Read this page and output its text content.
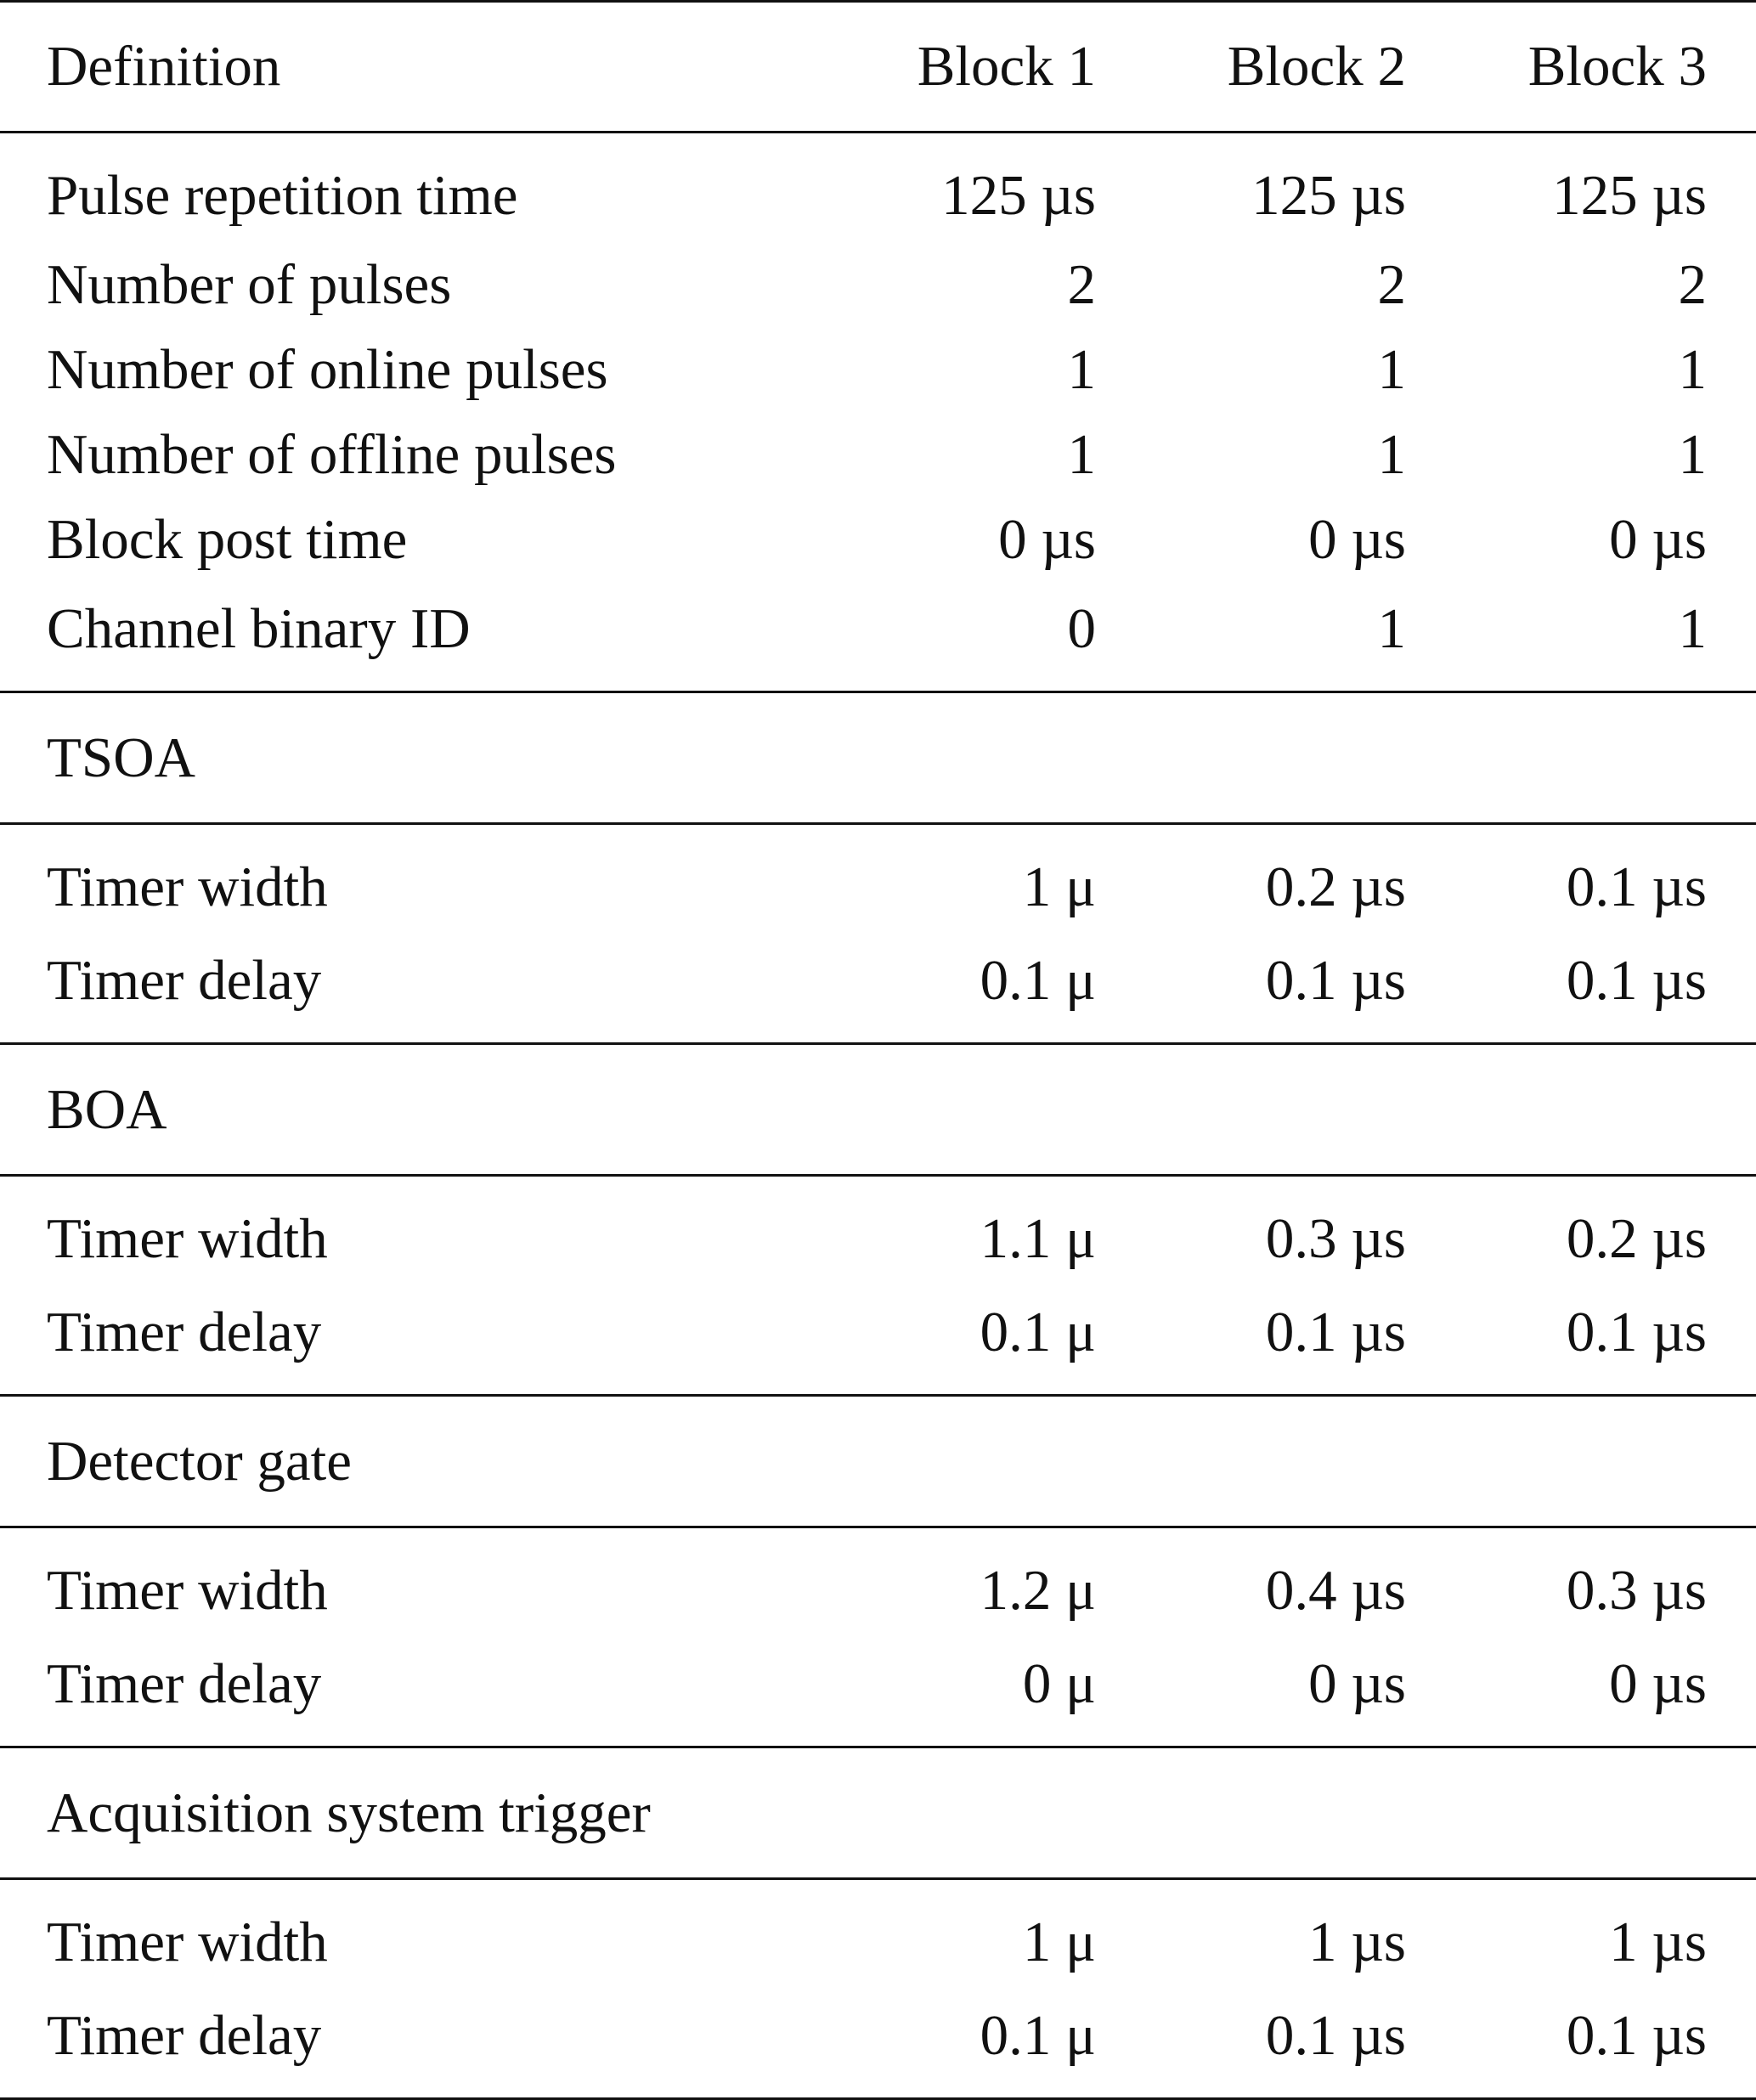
Definition	Block 1	Block 2	Block 3
Pulse repetition time	125 µs	125 µs	125 µs
Number of pulses	2	2	2
Number of online pulses	1	1	1
Number of offline pulses	1	1	1
Block post time	0 µs	0 µs	0 µs
Channel binary ID	0	1	1
TSOA			
Timer width	1 μ	0.2 µs	0.1 µs
Timer delay	0.1 μ	0.1 µs	0.1 µs
BOA			
Timer width	1.1 μ	0.3 µs	0.2 µs
Timer delay	0.1 μ	0.1 µs	0.1 µs
Detector gate			
Timer width	1.2 μ	0.4 µs	0.3 µs
Timer delay	0 μ	0 µs	0 µs
Acquisition system trigger			
Timer width	1 μ	1 µs	1 µs
Timer delay	0.1 μ	0.1 µs	0.1 µs
